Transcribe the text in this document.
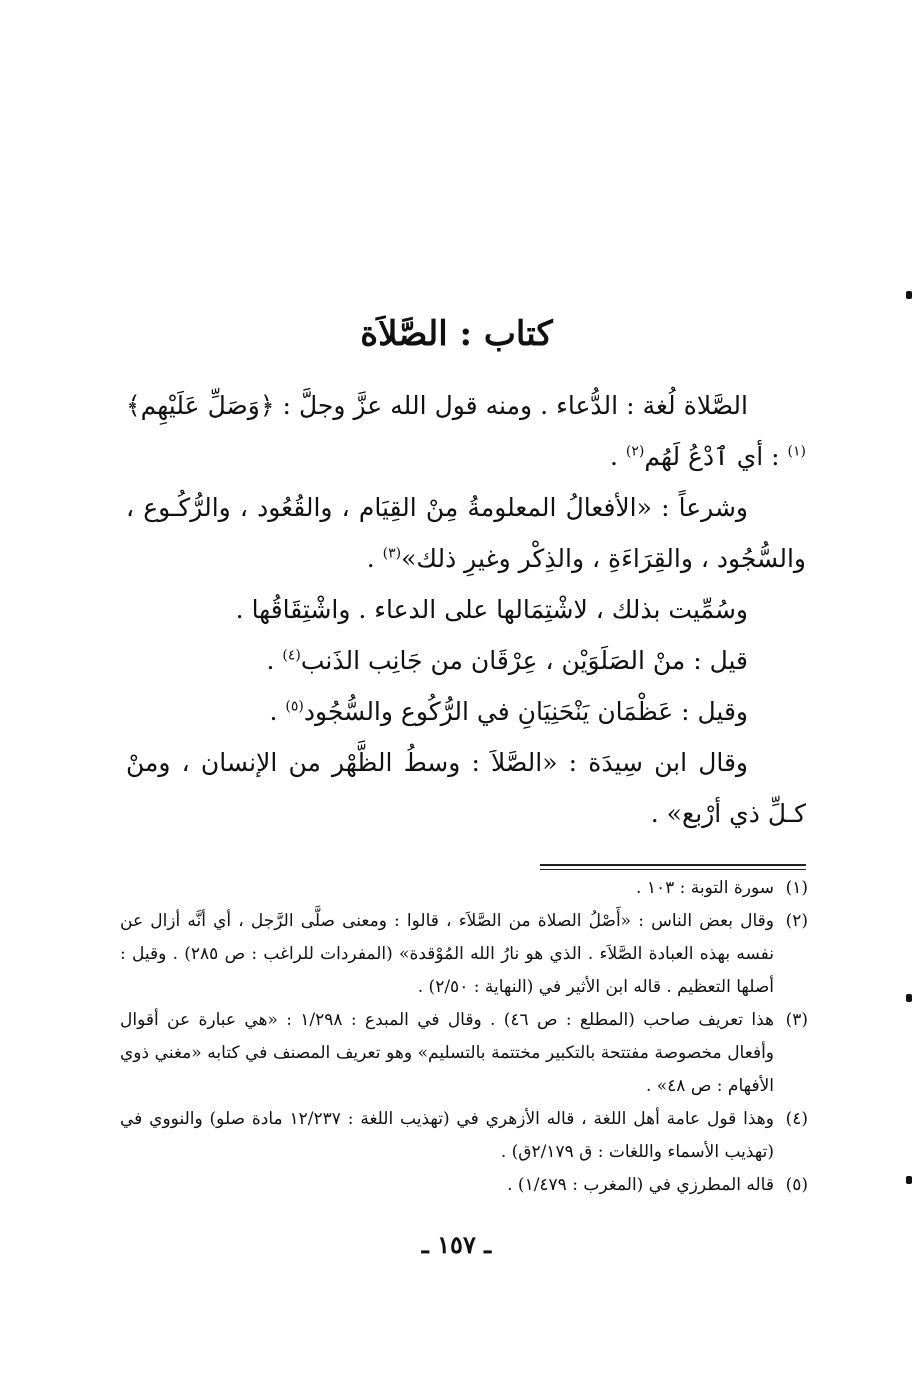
كتاب : الصَّلاَة

الصَّلاة لُغة : الدُّعاء . ومنه قول الله عزَّ وجلَّ : ﴿وَصَلِّ عَلَيْهِم﴾$^{(١)}$ : أي ٱدْعُ لَهُم$^{(٢)}$ .

وشرعاً : «الأفعالُ المعلومةُ مِنْ القِيَام ، والقُعُود ، والرُّكُـوع ، والسُّجُود ، والقِرَاءَةِ ، والذِكْر وغيرِ ذلك»$^{(٣)}$ .

وسُمِّيت بذلك ، لاشْتِمَالها على الدعاء . واشْتِقَاقُها .

قيل : منْ الصَلَوَيْن ، عِرْقَان من جَانِب الذَنب$^{(٤)}$ .

وقيل : عَظْمَان يَنْحَنِيَانِ في الرُّكُوع والسُّجُود$^{(٥)}$ .

وقال ابن سِيدَة : «الصَّلاَ : وسطُ الظَّهْر من الإنسان ، ومنْ كـلِّ ذي أرْبع» .

(١)
سورة التوبة : ١٠٣ .

(٢)
وقال بعض الناس : «أَصْلُ الصلاة من الصَّلاَء ، قالوا : ومعنى صلَّى الرَّجل ، أي أنَّه أزال عن نفسه بهذه العبادة الصَّلاَء . الذي هو نارُ الله المُوْقدة» (المفردات للراغب : ص ٢٨٥) . وقيل : أصلها التعظيم . قاله ابن الأثير في (النهاية : ٢/٥٠) .

(٣)
هذا تعريف صاحب (المطلع : ص ٤٦) . وقال في المبدع : ١/٢٩٨ : «هي عبارة عن أقوال وأفعال مخصوصة مفتتحة بالتكبير مختتمة بالتسليم» وهو تعريف المصنف في كتابه «مغني ذوي الأفهام : ص ٤٨» .

(٤)
وهذا قول عامة أهل اللغة ، قاله الأزهري في (تهذيب اللغة : ١٢/٢٣٧ مادة صلو) والنووي في (تهذيب الأسماء واللغات : ق ٢/١٧٩ق) .

(٥)
قاله المطرزي في (المغرب : ١/٤٧٩) .

ـ ١٥٧ ـ
